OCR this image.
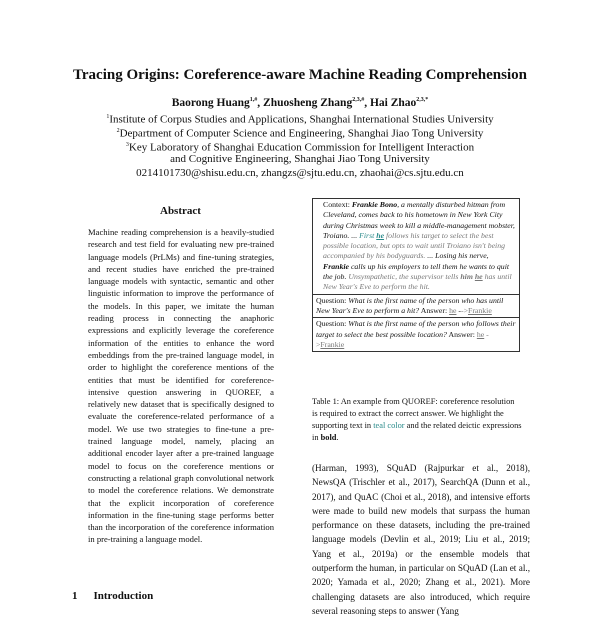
Tracing Origins: Coreference-aware Machine Reading Comprehension
Baorong Huang$^{1,\#}$, Zhuosheng Zhang$^{2,3,\#}$, Hai Zhao$^{2,3,*}$
$^1$Institute of Corpus Studies and Applications, Shanghai International Studies University
$^2$Department of Computer Science and Engineering, Shanghai Jiao Tong University
$^3$Key Laboratory of Shanghai Education Commission for Intelligent Interaction
and Cognitive Engineering, Shanghai Jiao Tong University
0214101730@shisu.edu.cn, zhangzs@sjtu.edu.cn, zhaohai@cs.sjtu.edu.cn
Abstract
Machine reading comprehension is a heavily-studied research and test field for evaluating new pre-trained language models (PrLMs) and fine-tuning strategies, and recent studies have enriched the pre-trained language models with syntactic, semantic and other linguistic information to improve the performance of the models. In this paper, we imitate the human reading process in connecting the anaphoric expressions and explicitly leverage the coreference information of the entities to enhance the word embeddings from the pre-trained language model, in order to highlight the coreference mentions of the entities that must be identified for coreference-intensive question answering in QUOREF, a relatively new dataset that is specifically designed to evaluate the coreference-related performance of a model. We use two strategies to fine-tune a pre-trained language model, namely, placing an additional encoder layer after a pre-trained language model to focus on the coreference mentions or constructing a relational graph convolutional network to model the coreference relations. We demonstrate that the explicit incorporation of coreference information in the fine-tuning stage performs better than the incorporation of the coreference information in pre-training a language model.
1 Introduction
Context: Frankie Bono, a mentally disturbed hitman from Cleveland, comes back to his hometown in New York City during Christmas week to kill a middle-management mobster, Troiano. ... First he follows his target to select the best possible location, but opts to wait until Troiano isn't being accompanied by his bodyguards. ... Losing his nerve, Frankie calls up his employers to tell them he wants to quit the job. Unsympathetic, the supervisor tells him he has until New Year's Eve to perform the hit.
Question: What is the first name of the person who has until New Year's Eve to perform a hit? Answer: he -->Frankie
Question: What is the first name of the person who follows their target to select the best possible location? Answer: he ->Frankie
Table 1: An example from QUOREF: coreference resolution is required to extract the correct answer. We highlight the supporting text in teal color and the related deictic expressions in bold.
(Harman, 1993), SQuAD (Rajpurkar et al., 2018), NewsQA (Trischler et al., 2017), SearchQA (Dunn et al., 2017), and QuAC (Choi et al., 2018), and intensive efforts were made to build new models that surpass the human performance on these datasets, including the pre-trained language models (Devlin et al., 2019; Liu et al., 2019; Yang et al., 2019a) or the ensemble models that outperform the human, in particular on SQuAD (Lan et al., 2020; Yamada et al., 2020; Zhang et al., 2021). More challenging datasets are also introduced, which require several reasoning steps to answer (Yang
